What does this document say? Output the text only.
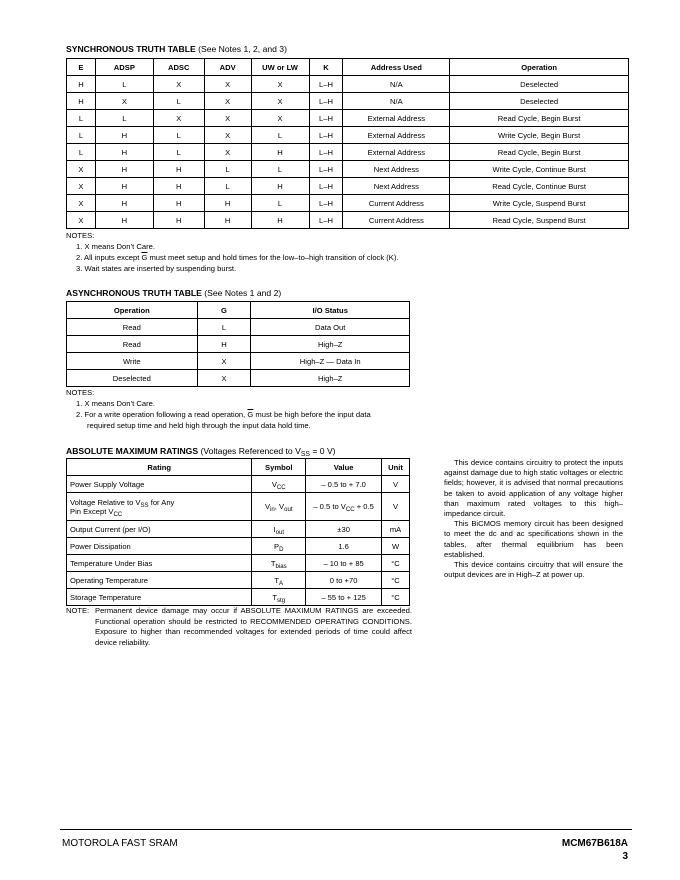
SYNCHRONOUS TRUTH TABLE (See Notes 1, 2, and 3)
E	ADSP	ADSC	ADV	UW or LW	K	Address Used	Operation
H	L	X	X	X	L–H	N/A	Deselected
H	X	L	X	X	L–H	N/A	Deselected
L	L	X	X	X	L–H	External Address	Read Cycle, Begin Burst
L	H	L	X	L	L–H	External Address	Write Cycle, Begin Burst
L	H	L	X	H	L–H	External Address	Read Cycle, Begin Burst
X	H	H	L	L	L–H	Next Address	Write Cycle, Continue Burst
X	H	H	L	H	L–H	Next Address	Read Cycle, Continue Burst
X	H	H	H	L	L–H	Current Address	Write Cycle, Suspend Burst
X	H	H	H	H	L–H	Current Address	Read Cycle, Suspend Burst
NOTES:
1. X means Don’t Care.
2. All inputs except $\overline{G}$ must meet setup and hold times for the low–to–high transition of clock (K).
3. Wait states are inserted by suspending burst.
ASYNCHRONOUS TRUTH TABLE (See Notes 1 and 2)
Operation	G	I/O Status
Read	L	Data Out
Read	H	High–Z
Write	X	High–Z — Data In
Deselected	X	High–Z
NOTES:
1. X means Don’t Care.
2. For a write operation following a read operation, $\overline{G}$ must be high before the input data
required setup time and held high through the input data hold time.
ABSOLUTE MAXIMUM RATINGS (Voltages Referenced to $V_{SS} = 0$ V)
Rating	Symbol	Value	Unit
Power Supply Voltage	$V_{CC}$	– 0.5 to + 7.0	V

Voltage Relative to $V_{SS}$ for Any
Pin Except $V_{CC}$	$V_{in}$, $V_{out}$	– 0.5 to $V_{CC} + 0.5$	V
Output Current (per I/O)	$I_{out}$	±30	mA
Power Dissipation	$P_D$	1.6	W
Temperature Under Bias	$T_{bias}$	– 10 to + 85	°C
Operating Temperature	$T_A$	0 to +70	°C
Storage Temperature	$T_{stg}$	– 55 to + 125	°C
NOTE: Permanent device damage may occur if ABSOLUTE MAXIMUM RATINGS are exceeded. Functional operation should be restricted to RECOMMENDED OPERATING CONDITIONS. Exposure to higher than recommended voltages for extended periods of time could affect device reliability.

This device contains circuitry to protect the inputs against damage due to high static voltages or electric fields; however, it is advised that normal precautions be taken to avoid application of any voltage higher than maximum rated voltages to this high–impedance circuit.

This BiCMOS memory circuit has been designed to meet the dc and ac specifications shown in the tables, after thermal equilibrium has been established.

This device contains circuitry that will ensure the output devices are in High–Z at power up.

MOTOROLA FAST SRAM	MCM67B618A
3
